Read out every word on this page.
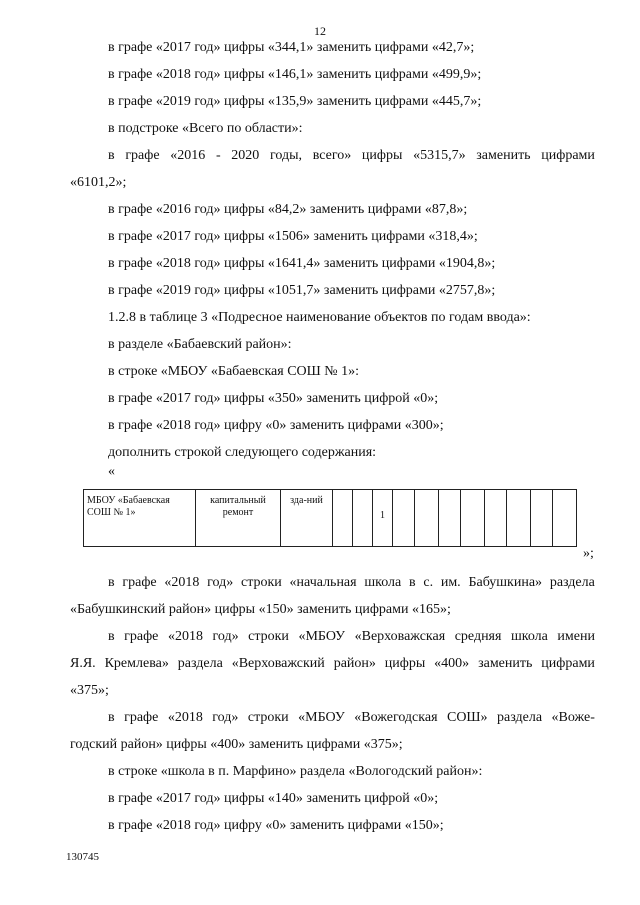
12
в графе «2017 год» цифры «344,1» заменить цифрами «42,7»;
в графе «2018 год» цифры «146,1» заменить цифрами «499,9»;
в графе «2019 год» цифры «135,9» заменить цифрами «445,7»;
в подстроке «Всего по области»:
в графе «2016 - 2020 годы, всего» цифры «5315,7» заменить цифрами
«6101,2»;
в графе «2016 год» цифры «84,2» заменить цифрами «87,8»;
в графе «2017 год» цифры «1506» заменить цифрами «318,4»;
в графе «2018 год» цифры «1641,4» заменить цифрами «1904,8»;
в графе «2019 год» цифры «1051,7» заменить цифрами «2757,8»;
1.2.8 в таблице 3 «Подресное наименование объектов по годам ввода»:
в разделе «Бабаевский район»:
в строке «МБОУ «Бабаевская СОШ № 1»:
в графе «2017 год» цифры «350» заменить цифрой «0»;
в графе «2018 год» цифру «0» заменить цифрами «300»;
дополнить строкой следующего содержания:
«
МБОУ «Бабаевская СОШ № 1»	капитальный ремонт	зда-ний			1								
»;
в графе «2018 год» строки «начальная школа в с. им. Бабушкина» раздела
«Бабушкинский район» цифры «150» заменить цифрами «165»;
в графе «2018 год» строки «МБОУ «Верховажская средняя школа имени
Я.Я. Кремлева» раздела «Верховажский район» цифры «400» заменить цифрами
«375»;
в графе «2018 год» строки «МБОУ «Вожегодская СОШ» раздела «Воже-
годский район» цифры «400» заменить цифрами «375»;
в строке «школа в п. Марфино» раздела «Вологодский район»:
в графе «2017 год» цифры «140» заменить цифрой «0»;
в графе «2018 год» цифру «0» заменить цифрами «150»;
130745
